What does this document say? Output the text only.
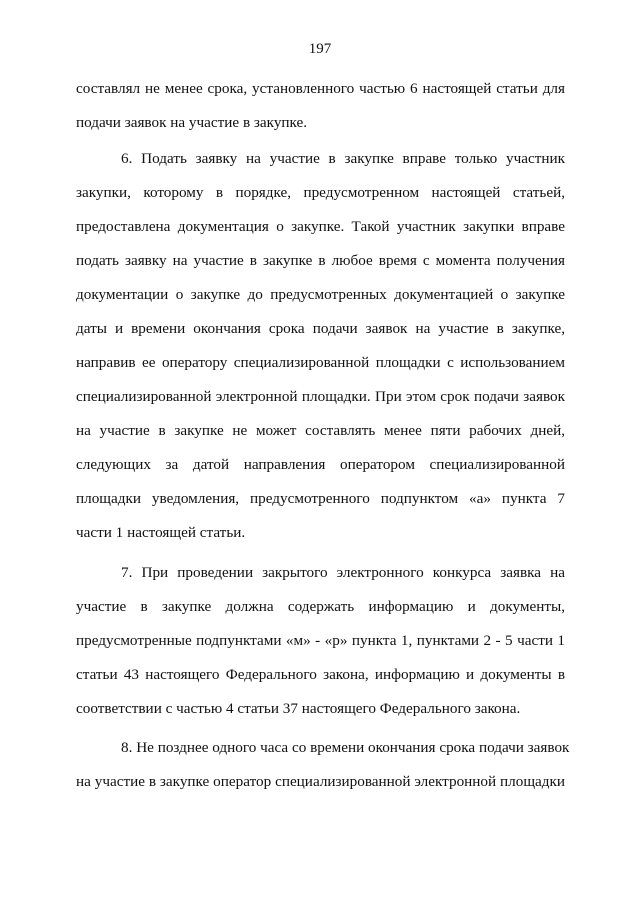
197
составлял не менее срока, установленного частью 6 настоящей статьи для
подачи заявок на участие в закупке.
6. Подать заявку на участие в закупке вправе только участник
закупки, которому в порядке, предусмотренном настоящей статьей,
предоставлена документация о закупке. Такой участник закупки вправе
подать заявку на участие в закупке в любое время с момента получения
документации о закупке до предусмотренных документацией о закупке
даты и времени окончания срока подачи заявок на участие в закупке,
направив ее оператору специализированной площадки с использованием
специализированной электронной площадки. При этом срок подачи заявок
на участие в закупке не может составлять менее пяти рабочих дней,
следующих за датой направления оператором специализированной
площадки уведомления, предусмотренного подпунктом «а» пункта 7
части 1 настоящей статьи.
7. При проведении закрытого электронного конкурса заявка на
участие в закупке должна содержать информацию и документы,
предусмотренные подпунктами «м» - «р» пункта 1, пунктами 2 - 5 части 1
статьи 43 настоящего Федерального закона, информацию и документы в
соответствии с частью 4 статьи 37 настоящего Федерального закона.
8. Не позднее одного часа со времени окончания срока подачи заявок
на участие в закупке оператор специализированной электронной площадки
